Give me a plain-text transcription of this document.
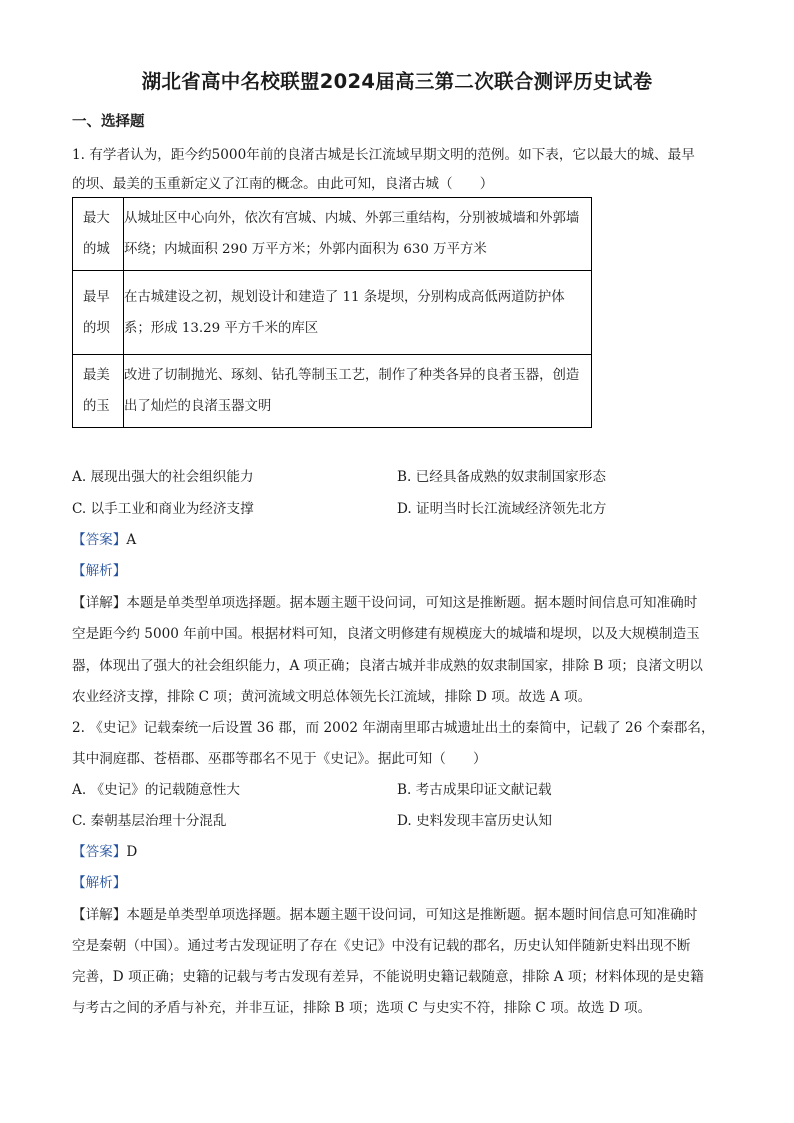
湖北省高中名校联盟2024届高三第二次联合测评历史试卷
一、选择题
1. 有学者认为，距今约5000年前的良渚古城是长江流域早期文明的范例。如下表，它以最大的城、最早
的坝、最美的玉重新定义了江南的概念。由此可知，良渚古城（　　）
最大的城	从城址区中心向外，依次有宫城、内城、外郭三重结构，分别被城墙和外郭墙环绕；内城面积 290 万平方米；外郭内面积为 630 万平方米

最早的坝	在古城建设之初，规划设计和建造了 11 条堤坝，分别构成高低两道防护体系；形成 13.29 平方千米的库区

最美的玉	改进了切制抛光、琢刻、钻孔等制玉工艺，制作了种类各异的良者玉器，创造出了灿烂的良渚玉器文明
A. 展现出强大的社会组织能力	B. 已经具备成熟的奴隶制国家形态
C. 以手工业和商业为经济支撑	D. 证明当时长江流域经济领先北方
【答案】A
【解析】
【详解】本题是单类型单项选择题。据本题主题干设问词，可知这是推断题。据本题时间信息可知准确时
空是距今约 5000 年前中国。根据材料可知，良渚文明修建有规模庞大的城墙和堤坝，以及大规模制造玉
器，体现出了强大的社会组织能力，A 项正确；良渚古城并非成熟的奴隶制国家，排除 B 项；良渚文明以
农业经济支撑，排除 C 项；黄河流域文明总体领先长江流域，排除 D 项。故选 A 项。
2. 《史记》记载秦统一后设置 36 郡，而 2002 年湖南里耶古城遗址出土的秦简中，记载了 26 个秦郡名，
其中洞庭郡、苍梧郡、巫郡等郡名不见于《史记》。据此可知（　　）
A. 《史记》的记载随意性大	B. 考古成果印证文献记载
C. 秦朝基层治理十分混乱	D. 史料发现丰富历史认知
【答案】D
【解析】
【详解】本题是单类型单项选择题。据本题主题干设问词，可知这是推断题。据本题时间信息可知准确时
空是秦朝（中国）。通过考古发现证明了存在《史记》中没有记载的郡名，历史认知伴随新史料出现不断
完善，D 项正确；史籍的记载与考古发现有差异，不能说明史籍记载随意，排除 A 项；材料体现的是史籍
与考古之间的矛盾与补充，并非互证，排除 B 项；选项 C 与史实不符，排除 C 项。故选 D 项。
